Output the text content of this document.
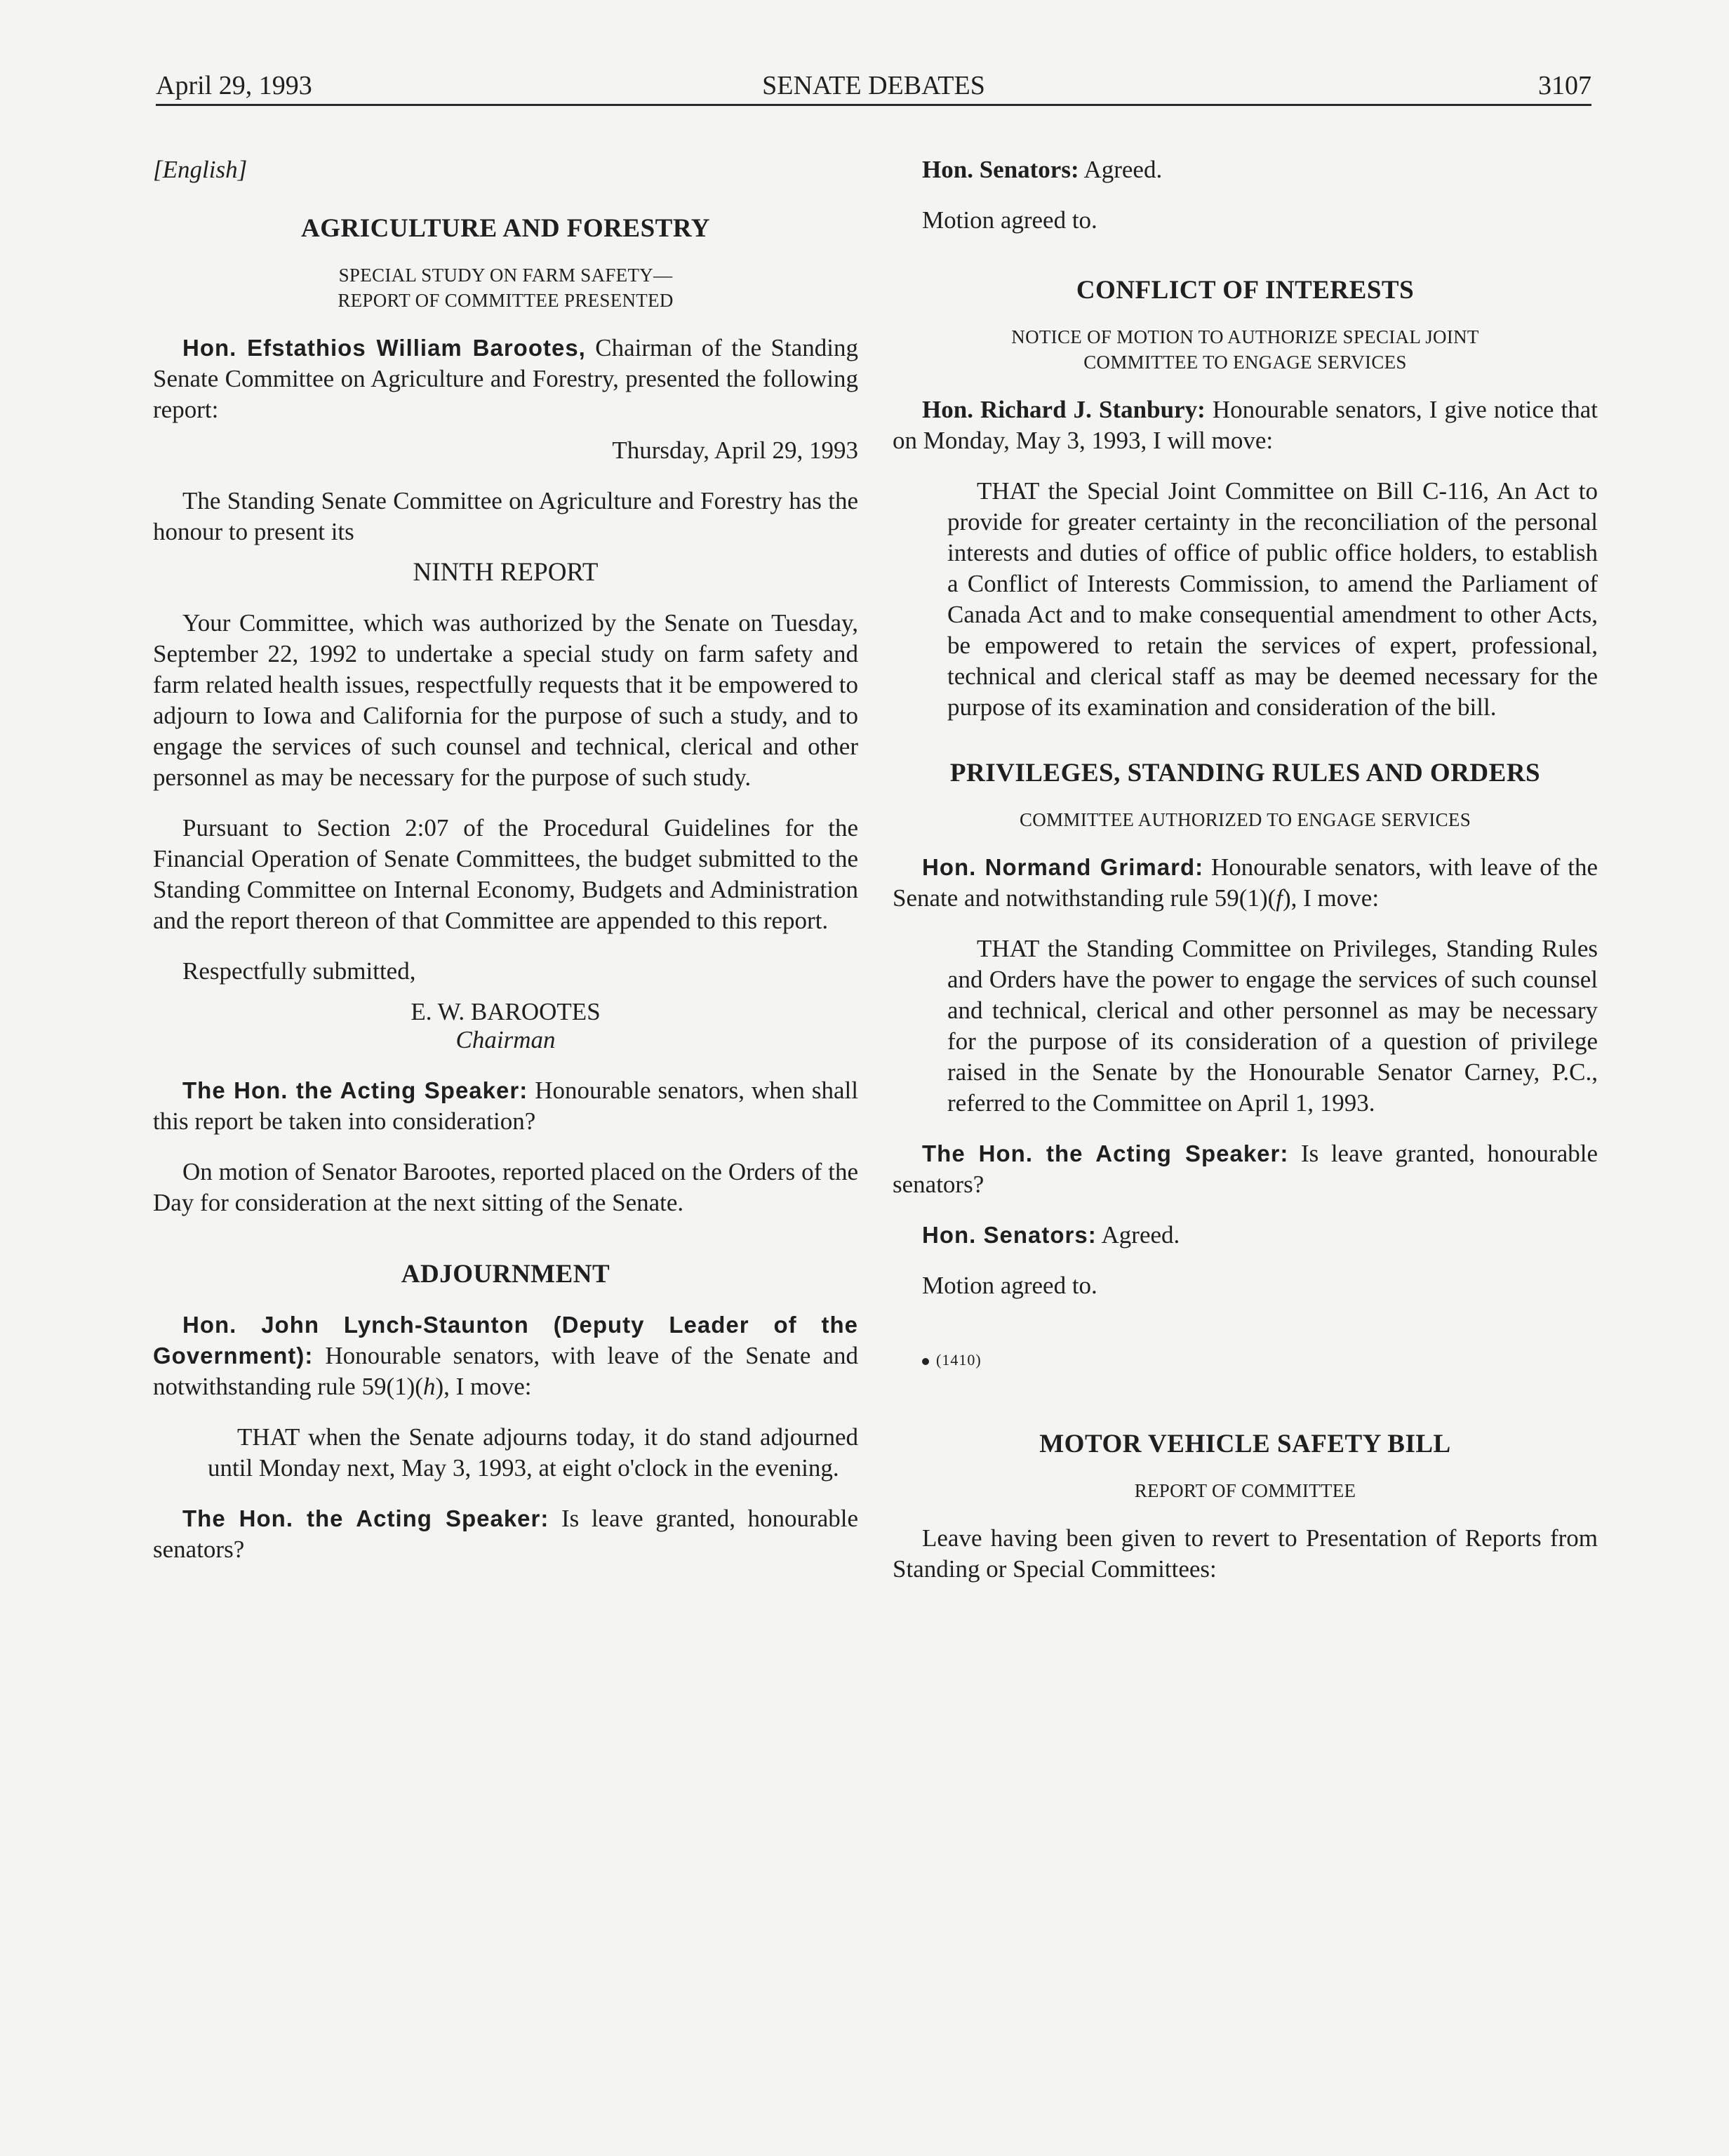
April 29, 1993	SENATE DEBATES	3107

[English]

AGRICULTURE AND FORESTRY

SPECIAL STUDY ON FARM SAFETY—

REPORT OF COMMITTEE PRESENTED

Hon. Efstathios William Barootes, Chairman of the Standing Senate Committee on Agriculture and Forestry, presented the following report:

Thursday, April 29, 1993

The Standing Senate Committee on Agriculture and Forestry has the honour to present its

NINTH REPORT

Your Committee, which was authorized by the Senate on Tuesday, September 22, 1992 to undertake a special study on farm safety and farm related health issues, respectfully requests that it be empowered to adjourn to Iowa and California for the purpose of such a study, and to engage the services of such counsel and technical, clerical and other personnel as may be necessary for the purpose of such study.

Pursuant to Section 2:07 of the Procedural Guidelines for the Financial Operation of Senate Committees, the budget submitted to the Standing Committee on Internal Economy, Budgets and Administration and the report thereon of that Committee are appended to this report.

Respectfully submitted,

E. W. BAROOTES

Chairman

The Hon. the Acting Speaker: Honourable senators, when shall this report be taken into consideration?

On motion of Senator Barootes, reported placed on the Orders of the Day for consideration at the next sitting of the Senate.

ADJOURNMENT

Hon. John Lynch-Staunton (Deputy Leader of the Government): Honourable senators, with leave of the Senate and notwithstanding rule 59(1)(h), I move:

THAT when the Senate adjourns today, it do stand adjourned until Monday next, May 3, 1993, at eight o'clock in the evening.

The Hon. the Acting Speaker: Is leave granted, honourable senators?

Hon. Senators: Agreed.

Motion agreed to.

CONFLICT OF INTERESTS

NOTICE OF MOTION TO AUTHORIZE SPECIAL JOINT

COMMITTEE TO ENGAGE SERVICES

Hon. Richard J. Stanbury: Honourable senators, I give notice that on Monday, May 3, 1993, I will move:

THAT the Special Joint Committee on Bill C-116, An Act to provide for greater certainty in the reconciliation of the personal interests and duties of office of public office holders, to establish a Conflict of Interests Commission, to amend the Parliament of Canada Act and to make consequential amendment to other Acts, be empowered to retain the services of expert, professional, technical and clerical staff as may be deemed necessary for the purpose of its examination and consideration of the bill.

PRIVILEGES, STANDING RULES AND ORDERS

COMMITTEE AUTHORIZED TO ENGAGE SERVICES

Hon. Normand Grimard: Honourable senators, with leave of the Senate and notwithstanding rule 59(1)(f), I move:

THAT the Standing Committee on Privileges, Standing Rules and Orders have the power to engage the services of such counsel and technical, clerical and other personnel as may be necessary for the purpose of its consideration of a question of privilege raised in the Senate by the Honourable Senator Carney, P.C., referred to the Committee on April 1, 1993.

The Hon. the Acting Speaker: Is leave granted, honourable senators?

Hon. Senators: Agreed.

Motion agreed to.

(1410)

MOTOR VEHICLE SAFETY BILL

REPORT OF COMMITTEE

Leave having been given to revert to Presentation of Reports from Standing or Special Committees:
